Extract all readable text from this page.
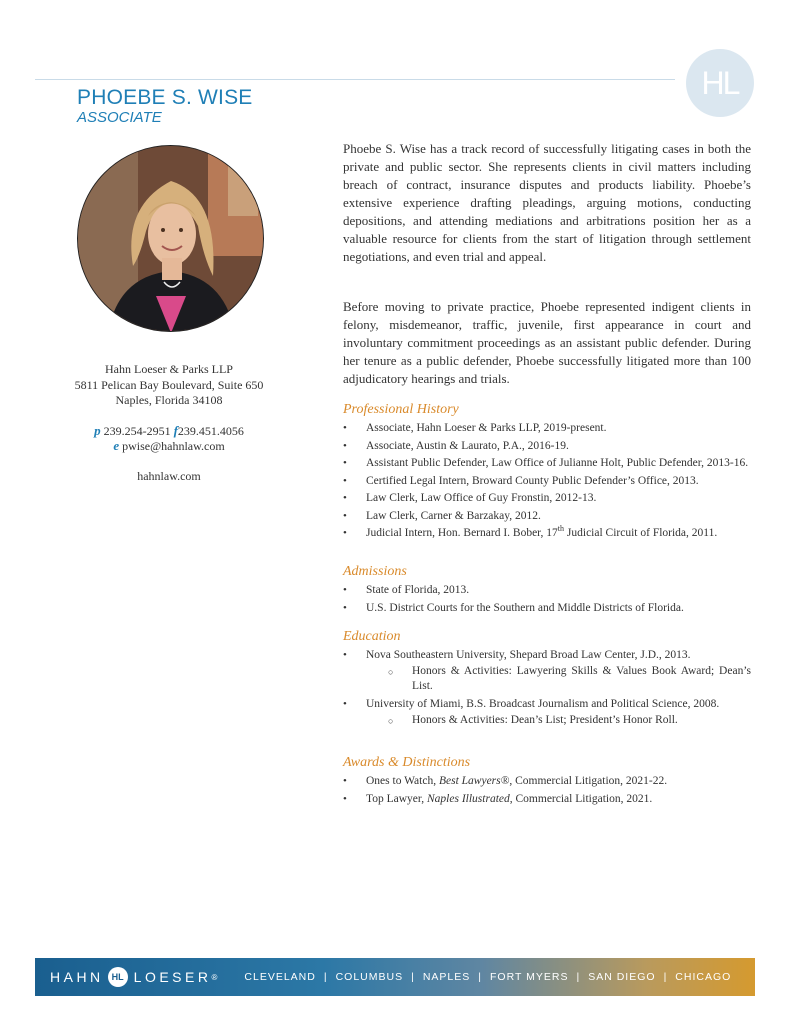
HL
PHOEBE S. WISE
ASSOCIATE
Hahn Loeser & Parks LLP
5811 Pelican Bay Boulevard, Suite 650
Naples, Florida 34108
p 239.254-2951 f239.451.4056
e pwise@hahnlaw.com
hahnlaw.com

Phoebe S. Wise has a track record of successfully litigating cases in both the private and public sector. She represents clients in civil matters including breach of contract, insurance disputes and products liability. Phoebe’s extensive experience drafting pleadings, arguing motions, conducting depositions, and attending mediations and arbitrations position her as a valuable resource for clients from the start of litigation through settlement negotiations, and even trial and appeal.

Before moving to private practice, Phoebe represented indigent clients in felony, misdemeanor, traffic, juvenile, first appearance in court and involuntary commitment proceedings as an assistant public defender. During her tenure as a public defender, Phoebe successfully litigated more than 100 adjudicatory hearings and trials.

Professional History
• Associate, Hahn Loeser & Parks LLP, 2019-present.
• Associate, Austin & Laurato, P.A., 2016-19.
• Assistant Public Defender, Law Office of Julianne Holt, Public Defender, 2013-16.
• Certified Legal Intern, Broward County Public Defender’s Office, 2013.
• Law Clerk, Law Office of Guy Fronstin, 2012-13.
• Law Clerk, Carner & Barzakay, 2012.
• Judicial Intern, Hon. Bernard I. Bober, 17th Judicial Circuit of Florida, 2011.
Admissions
• State of Florida, 2013.
• U.S. District Courts for the Southern and Middle Districts of Florida.
Education
• Nova Southeastern University, Shepard Broad Law Center, J.D., 2013.
○ Honors & Activities: Lawyering Skills & Values Book Award; Dean’s List.
• University of Miami, B.S. Broadcast Journalism and Political Science, 2008.
○ Honors & Activities: Dean’s List; President’s Honor Roll.
Awards & Distinctions
• Ones to Watch, Best Lawyers®, Commercial Litigation, 2021-22.
• Top Lawyer, Naples Illustrated, Commercial Litigation, 2021.
HAHN HL LOESER ®	CLEVELAND | COLUMBUS | NAPLES | FORT MYERS | SAN DIEGO | CHICAGO
